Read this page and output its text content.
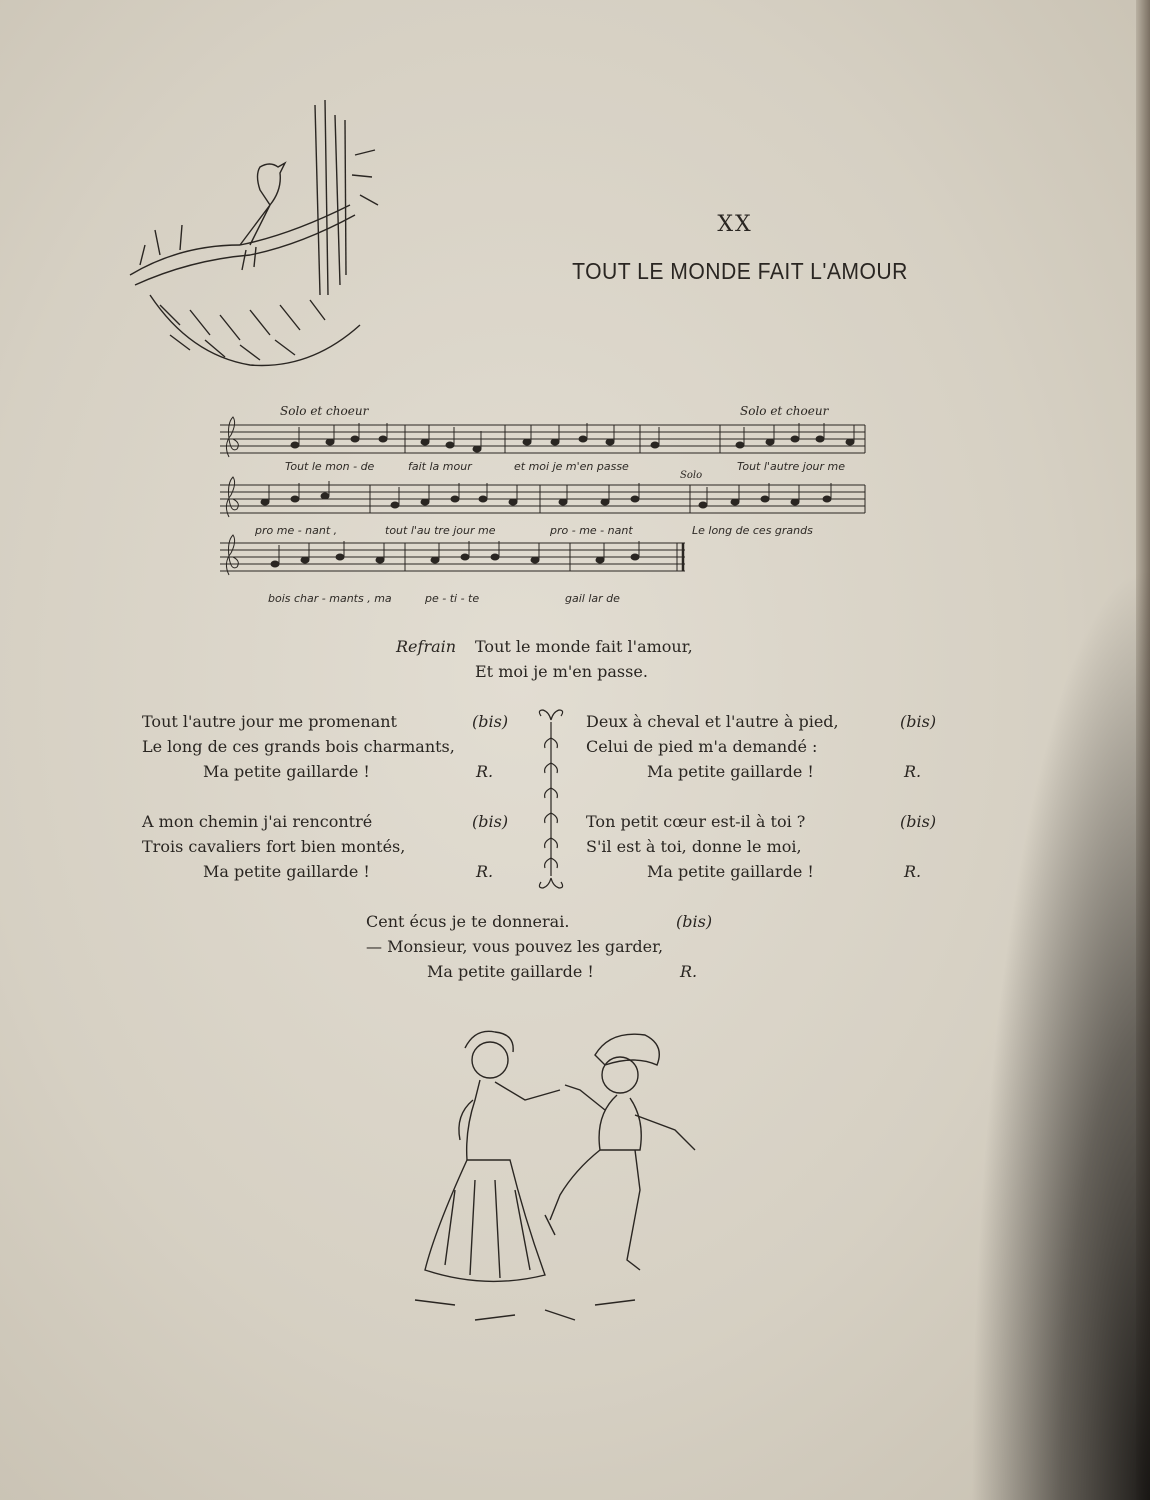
XX
TOUT LE MONDE FAIT L'AMOUR
Solo et choeur	Solo et choeur
Solo
Tout le mon - de	fait la mour	et moi je m'en passe	Tout l'autre jour me
pro me - nant ,	tout l'au tre jour me	pro - me - nant	Le long de ces grands
bois char - mants , ma	pe - ti - te	gail lar de
Refrain Tout le monde fait l'amour,
Et moi je m'en passe.
Tout l'autre jour me promenant
Le long de ces grands bois charmants,
Ma petite gaillarde !
(bis)
R.
A mon chemin j'ai rencontré
Trois cavaliers fort bien montés,
Ma petite gaillarde !
(bis)
R.
Deux à cheval et l'autre à pied,
Celui de pied m'a demandé :
Ma petite gaillarde !
(bis)
R.
Ton petit cœur est-il à toi ?
S'il est à toi, donne le moi,
Ma petite gaillarde !
(bis)
R.
Cent écus je te donnerai.
— Monsieur, vous pouvez les garder,
Ma petite gaillarde !
(bis)
R.
